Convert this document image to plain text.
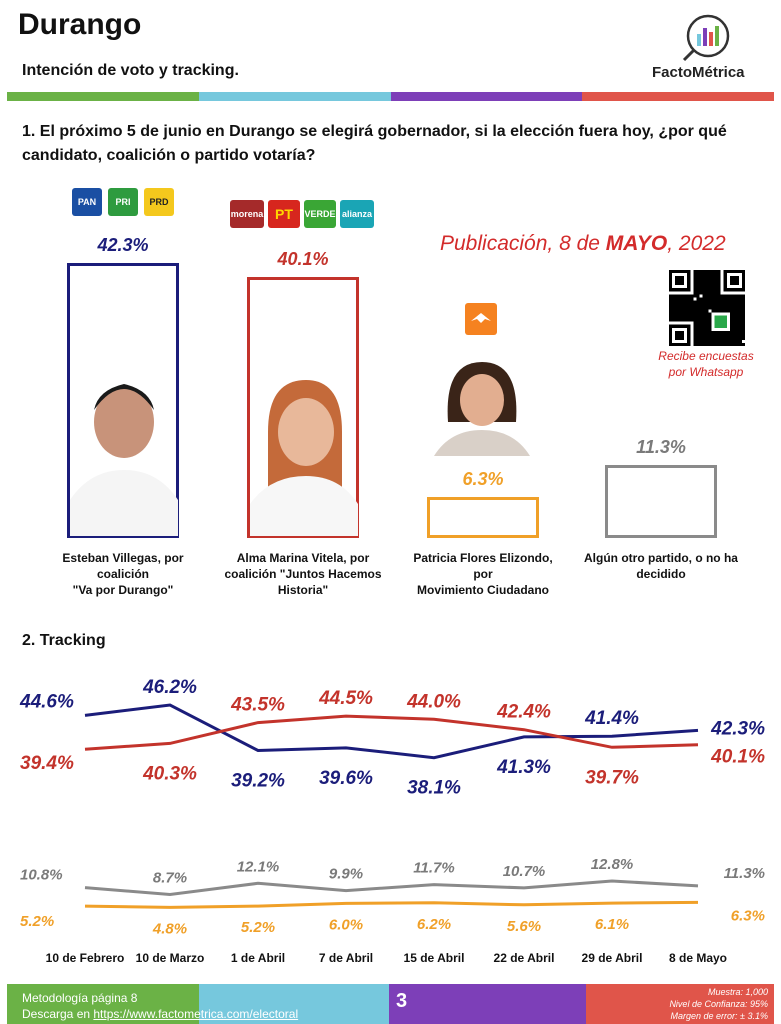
Durango
Intención de voto y tracking.	FactoMétrica
1. El próximo 5 de junio en Durango se elegirá gobernador, si la elección fuera hoy, ¿por qué candidato, coalición o partido votaría?
PAN	PRI	PRD
morena PT	VERDE alianza
42.3%
Esteban Villegas, por coalición
"Va por Durango"
40.1%
Alma Marina Vitela, por
coalición "Juntos Hacemos
Historia"
6.3%
Patricia Flores Elizondo, por
Movimiento Ciudadano
11.3%
Algún otro partido, o no ha
decidido
Publicación, 8 de MAYO, 2022
Recibe encuestas
por Whatsapp
2. Tracking
44.6%
46.2%
39.2% 39.6% 38.1%
41.3%
41.4%	42.3%
39.4%	40.3%
43.5% 44.5% 44.0% 42.4%
39.7%
40.1%
10.8%	8.7%
12.1%	9.9%	11.7%	10.7%	12.8%
11.3%
5.2%	4.8%	5.2%	6.0%	6.2%	5.6%	6.1%
6.3%
10 de Febrero 10 de Marzo 1 de Abril	7 de Abril	15 de Abril 22 de Abril 29 de Abril 8 de Mayo
Metodología página 8
Descarga en https://www.factometrica.com/electoral
3	Muestra: 1,000
Nivel de Confianza: 95%
Margen de error: ± 3.1%
